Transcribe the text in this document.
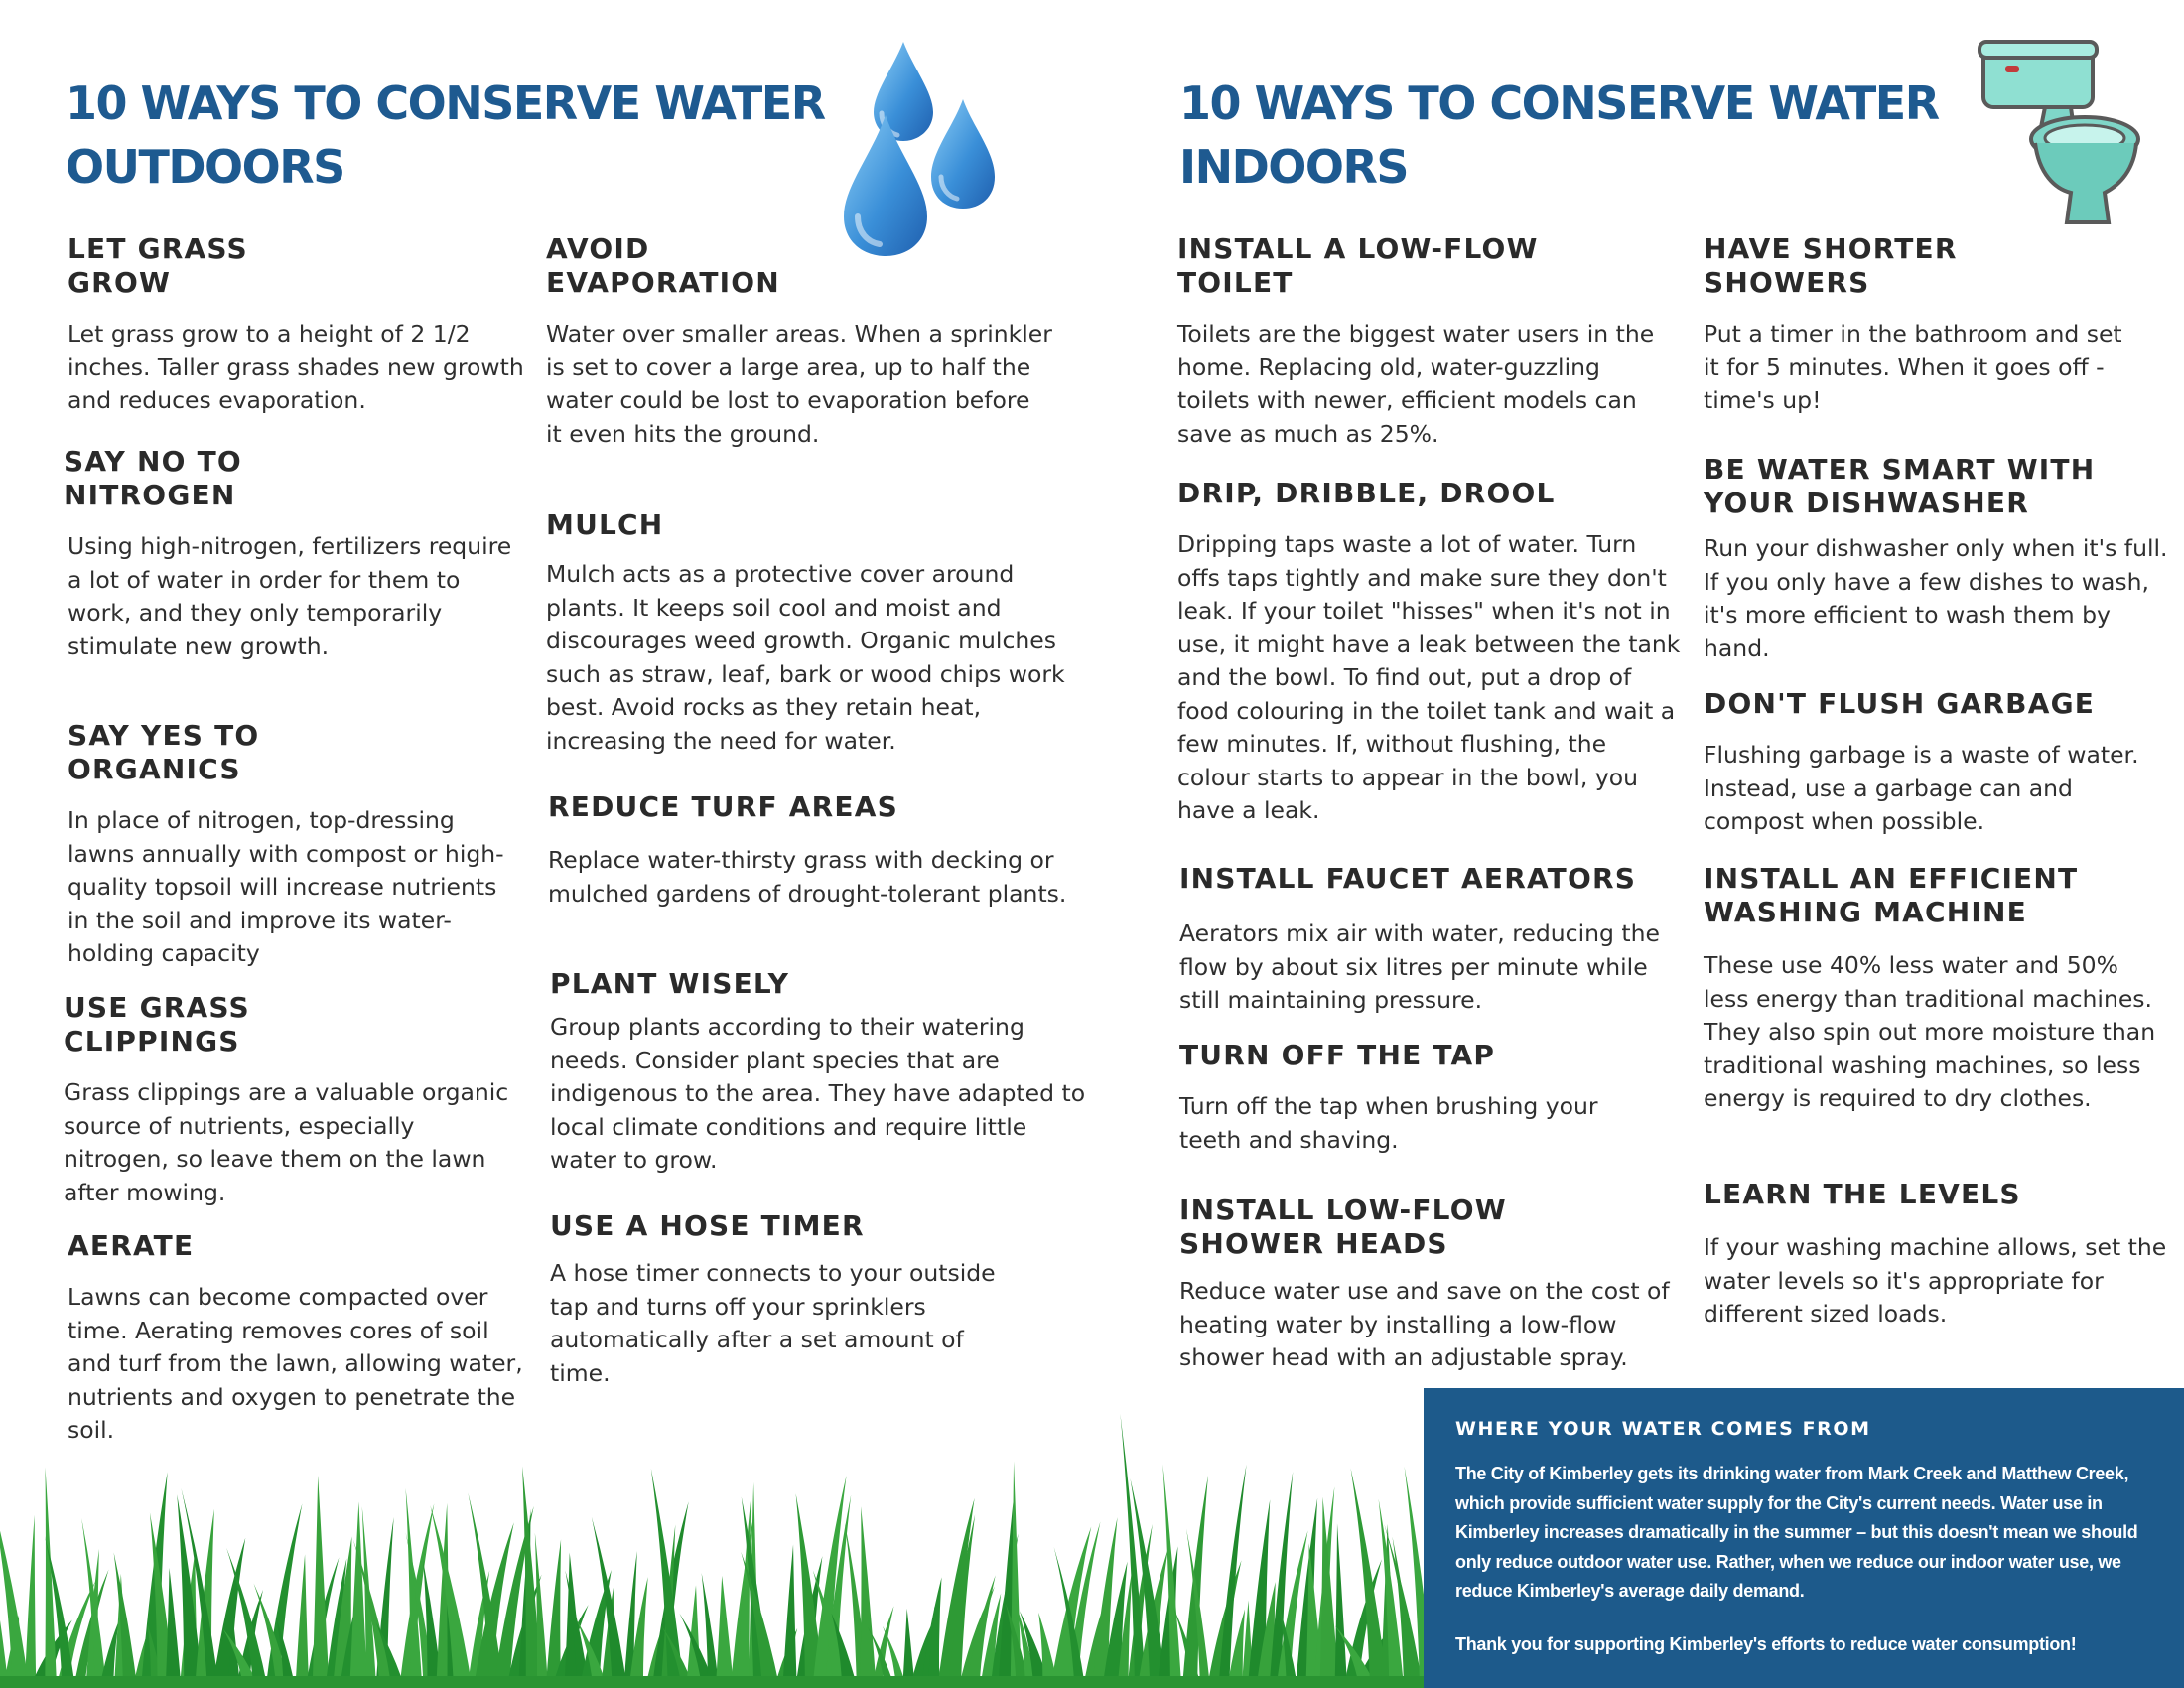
10 WAYS TO CONSERVE WATER
OUTDOORS
LET GRASS GROW

Let grass grow to a height of 2 1/2 inches. Taller grass shades new growth and reduces evaporation.

SAY NO TO NITROGEN

Using high-nitrogen, fertilizers require a lot of water in order for them to work, and they only temporarily stimulate new growth.

SAY YES TO ORGANICS

In place of nitrogen, top-dressing lawns annually with compost or high-quality topsoil will increase nutrients in the soil and improve its water-holding capacity

USE GRASS CLIPPINGS

Grass clippings are a valuable organic source of nutrients, especially nitrogen, so leave them on the lawn after mowing.

AERATE

Lawns can become compacted over time. Aerating removes cores of soil and turf from the lawn, allowing water, nutrients and oxygen to penetrate the soil.

AVOID EVAPORATION

Water over smaller areas. When a sprinkler is set to cover a large area, up to half the water could be lost to evaporation before it even hits the ground.

MULCH

Mulch acts as a protective cover around plants. It keeps soil cool and moist and discourages weed growth. Organic mulches such as straw, leaf, bark or wood chips work best. Avoid rocks as they retain heat, increasing the need for water.

REDUCE TURF AREAS

Replace water-thirsty grass with decking or mulched gardens of drought-tolerant plants.

PLANT WISELY

Group plants according to their watering needs. Consider plant species that are indigenous to the area. They have adapted to local climate conditions and require little water to grow.

USE A HOSE TIMER

A hose timer connects to your outside tap and turns off your sprinklers automatically after a set amount of time.

10 WAYS TO CONSERVE WATER
INDOORS
INSTALL A LOW-FLOW TOILET

Toilets are the biggest water users in the home. Replacing old, water-guzzling toilets with newer, efficient models can save as much as 25%.

DRIP, DRIBBLE, DROOL

Dripping taps waste a lot of water. Turn offs taps tightly and make sure they don't leak. If your toilet "hisses" when it's not in use, it might have a leak between the tank and the bowl. To find out, put a drop of food colouring in the toilet tank and wait a few minutes. If, without flushing, the colour starts to appear in the bowl, you have a leak.

INSTALL FAUCET AERATORS

Aerators mix air with water, reducing the flow by about six litres per minute while still maintaining pressure.

TURN OFF THE TAP

Turn off the tap when brushing your teeth and shaving.

INSTALL LOW-FLOW SHOWER HEADS

Reduce water use and save on the cost of heating water by installing a low-flow shower head with an adjustable spray.

HAVE SHORTER SHOWERS

Put a timer in the bathroom and set it for 5 minutes. When it goes off - time's up!

BE WATER SMART WITH YOUR DISHWASHER

Run your dishwasher only when it's full. If you only have a few dishes to wash, it's more efficient to wash them by hand.

DON'T FLUSH GARBAGE

Flushing garbage is a waste of water. Instead, use a garbage can and compost when possible.

INSTALL AN EFFICIENT WASHING MACHINE

These use 40% less water and 50% less energy than traditional machines. They also spin out more moisture than traditional washing machines, so less energy is required to dry clothes.

LEARN THE LEVELS

If your washing machine allows, set the water levels so it's appropriate for different sized loads.

WHERE YOUR WATER COMES FROM

The City of Kimberley gets its drinking water from Mark Creek and Matthew Creek, which provide sufficient water supply for the City's current needs. Water use in Kimberley increases dramatically in the summer – but this doesn't mean we should only reduce outdoor water use. Rather, when we reduce our indoor water use, we reduce Kimberley's average daily demand.

Thank you for supporting Kimberley's efforts to reduce water consumption!
